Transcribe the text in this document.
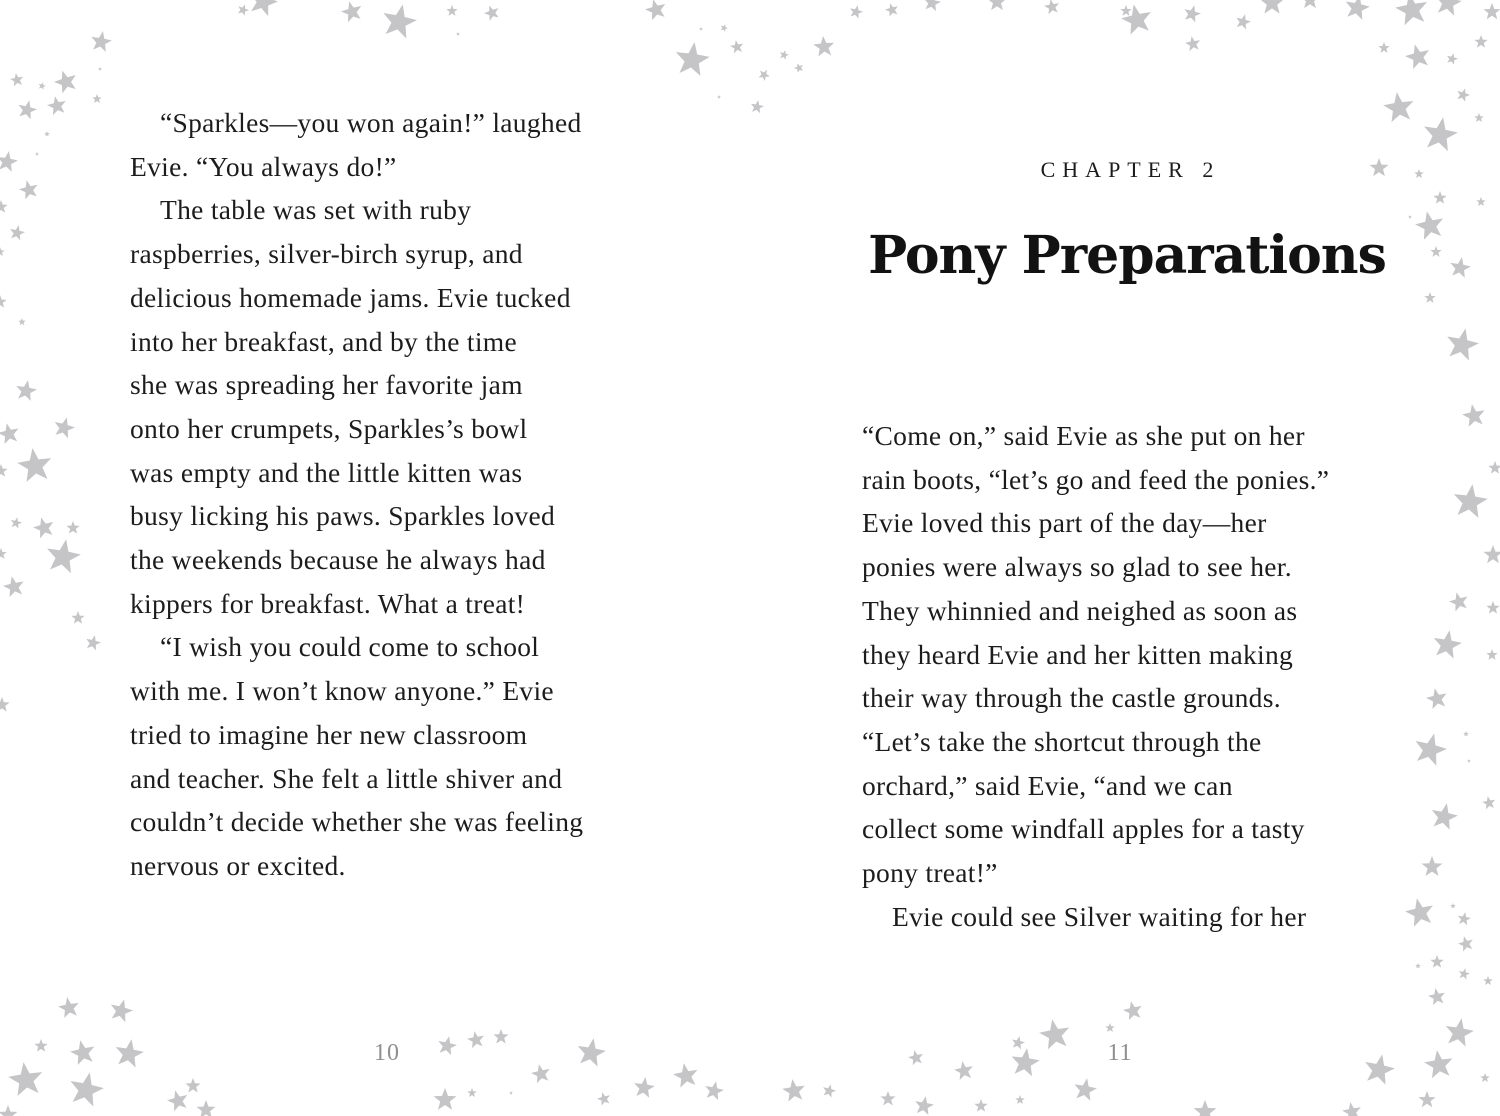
“Sparkles—you won again!” laughed
Evie. “You always do!”
The table was set with ruby
raspberries, silver-birch syrup, and
delicious homemade jams. Evie tucked
into her breakfast, and by the time
she was spreading her favorite jam
onto her crumpets, Sparkles’s bowl
was empty and the little kitten was
busy licking his paws. Sparkles loved
the weekends because he always had
kippers for breakfast. What a treat!
“I wish you could come to school
with me. I won’t know anyone.” Evie
tried to imagine her new classroom
and teacher. She felt a little shiver and
couldn’t decide whether she was feeling
nervous or excited.
CHAPTER 2
Pony Preparations
“Come on,” said Evie as she put on her
rain boots, “let’s go and feed the ponies.”
Evie loved this part of the day—her
ponies were always so glad to see her.
They whinnied and neighed as soon as
they heard Evie and her kitten making
their way through the castle grounds.
“Let’s take the shortcut through the
orchard,” said Evie, “and we can
collect some windfall apples for a tasty
pony treat!”
Evie could see Silver waiting for her
10	11
